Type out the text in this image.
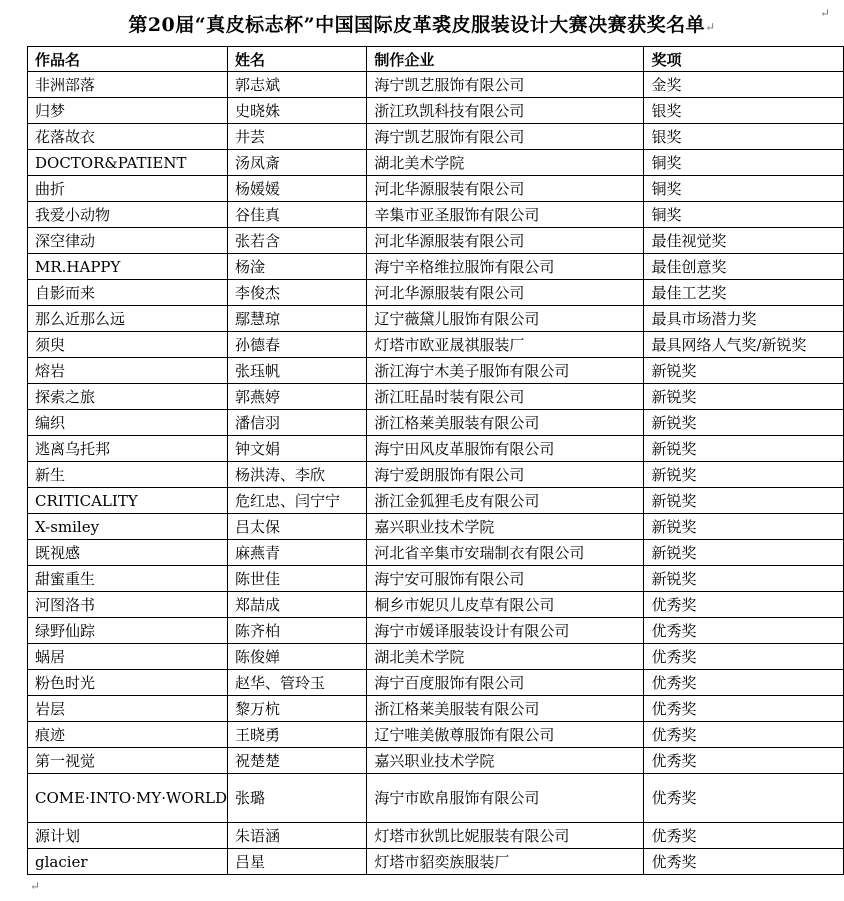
第20届“真皮标志杯”中国国际皮革裘皮服装设计大赛决赛获奖名单↵
↵
作品名	姓名	制作企业	奖项
非洲部落	郭志斌	海宁凯艺服饰有限公司	金奖
归梦	史晓姝	浙江玖凯科技有限公司	银奖
花落故衣	井芸	海宁凯艺服饰有限公司	银奖
DOCTOR&PATIENT	汤凤斎	湖北美术学院	铜奖
曲折	杨媛媛	河北华源服装有限公司	铜奖
我爱小动物	谷佳真	辛集市亚圣服饰有限公司	铜奖
深空律动	张若含	河北华源服装有限公司	最佳视觉奖
MR.HAPPY	杨淦	海宁辛格维拉服饰有限公司	最佳创意奖
自影而来	李俊杰	河北华源服装有限公司	最佳工艺奖
那么近那么远	鄢慧琼	辽宁薇黛儿服饰有限公司	最具市场潜力奖
须臾	孙德春	灯塔市欧亚晟祺服装厂	最具网络人气奖/新锐奖
熔岩	张珏帆	浙江海宁木美子服饰有限公司	新锐奖
探索之旅	郭燕婷	浙江旺晶时装有限公司	新锐奖
编织	潘信羽	浙江格莱美服装有限公司	新锐奖
逃离乌托邦	钟文娟	海宁田风皮革服饰有限公司	新锐奖
新生	杨洪涛、李欣	海宁爱朗服饰有限公司	新锐奖
CRITICALITY	危红忠、闫宁宁	浙江金狐狸毛皮有限公司	新锐奖
X-smiley	吕太保	嘉兴职业技术学院	新锐奖
既视感	麻燕青	河北省辛集市安瑞制衣有限公司	新锐奖
甜蜜重生	陈世佳	海宁安可服饰有限公司	新锐奖
河图洛书	郑喆成	桐乡市妮贝儿皮草有限公司	优秀奖
绿野仙踪	陈齐柏	海宁市媛译服装设计有限公司	优秀奖
蜗居	陈俊婵	湖北美术学院	优秀奖
粉色时光	赵华、管玲玉	海宁百度服饰有限公司	优秀奖
岩层	黎万杭	浙江格莱美服装有限公司	优秀奖
痕迹	王晓勇	辽宁唯美傲尊服饰有限公司	优秀奖
第一视觉	祝楚楚	嘉兴职业技术学院	优秀奖
COME·INTO·MY·WORLD	张璐	海宁市欧帛服饰有限公司	优秀奖
源计划	朱语涵	灯塔市狄凯比妮服装有限公司	优秀奖
glacier	吕星	灯塔市貂奕族服装厂	优秀奖
↵
